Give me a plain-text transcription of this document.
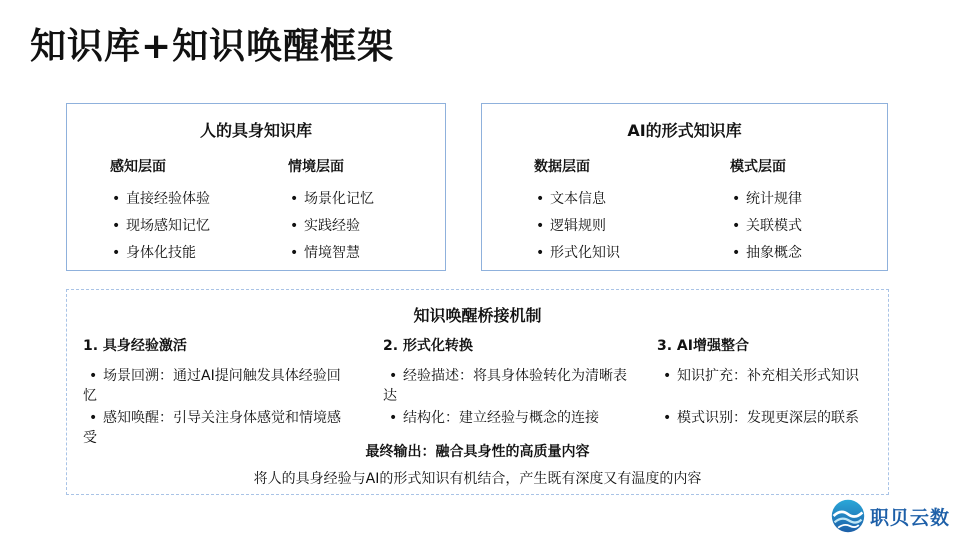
知识库+知识唤醒框架
人的具身知识库
感知层面
• 直接经验体验
• 现场感知记忆
• 身体化技能
情境层面
• 场景化记忆
• 实践经验
• 情境智慧
AI的形式知识库
数据层面
• 文本信息
• 逻辑规则
• 形式化知识
模式层面
• 统计规律
• 关联模式
• 抽象概念
知识唤醒桥接机制
1. 具身经验激活
• 场景回溯：通过AI提问触发具体经验回忆
• 感知唤醒：引导关注身体感觉和情境感受
2. 形式化转换
• 经验描述：将具身体验转化为清晰表达
• 结构化：建立经验与概念的连接
3. AI增强整合
• 知识扩充：补充相关形式知识
• 模式识别：发现更深层的联系
最终输出：融合具身性的高质量内容
将人的具身经验与AI的形式知识有机结合，产生既有深度又有温度的内容
职贝云数
